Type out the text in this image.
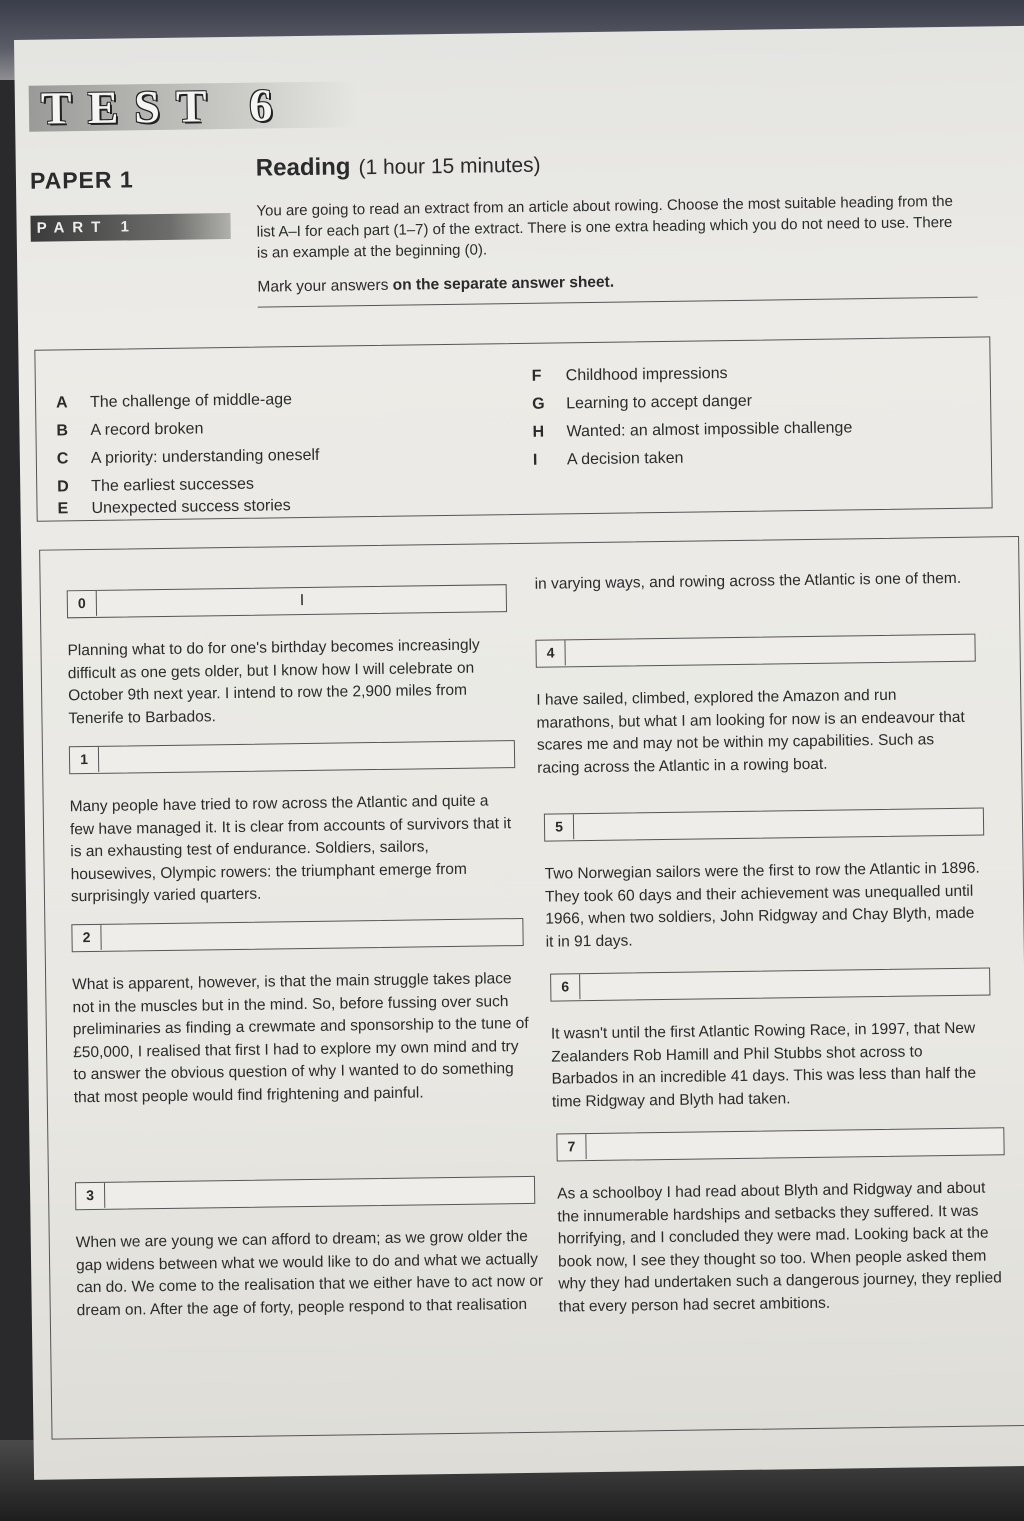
TEST 6
PAPER 1	Reading (1 hour 15 minutes)
PART 1
You are going to read an extract from an article about rowing. Choose the most suitable heading from the list A–I for each part (1–7) of the extract. There is one extra heading which you do not need to use. There is an example at the beginning (0).
Mark your answers on the separate answer sheet.
A The challenge of middle-age
B A record broken
C A priority: understanding oneself
D The earliest successes
E Unexpected success stories
F Childhood impressions
G Learning to accept danger
H Wanted: an almost impossible challenge
I A decision taken
0	I
Planning what to do for one's birthday becomes increasingly difficult as one gets older, but I know how I will celebrate on October 9th next year. I intend to row the 2,900 miles from Tenerife to Barbados.
1
Many people have tried to row across the Atlantic and quite a few have managed it. It is clear from accounts of survivors that it is an exhausting test of endurance. Soldiers, sailors, housewives, Olympic rowers: the triumphant emerge from surprisingly varied quarters.
2
What is apparent, however, is that the main struggle takes place not in the muscles but in the mind. So, before fussing over such preliminaries as finding a crewmate and sponsorship to the tune of £50,000, I realised that first I had to explore my own mind and try to answer the obvious question of why I wanted to do something that most people would find frightening and painful.
3
When we are young we can afford to dream; as we grow older the gap widens between what we would like to do and what we actually can do. We come to the realisation that we either have to act now or dream on. After the age of forty, people respond to that realisation
in varying ways, and rowing across the Atlantic is one of them.
4
I have sailed, climbed, explored the Amazon and run marathons, but what I am looking for now is an endeavour that scares me and may not be within my capabilities. Such as racing across the Atlantic in a rowing boat.
5
Two Norwegian sailors were the first to row the Atlantic in 1896. They took 60 days and their achievement was unequalled until 1966, when two soldiers, John Ridgway and Chay Blyth, made it in 91 days.
6
It wasn't until the first Atlantic Rowing Race, in 1997, that New Zealanders Rob Hamill and Phil Stubbs shot across to Barbados in an incredible 41 days. This was less than half the time Ridgway and Blyth had taken.
7
As a schoolboy I had read about Blyth and Ridgway and about the innumerable hardships and setbacks they suffered. It was horrifying, and I concluded they were mad. Looking back at the book now, I see they thought so too. When people asked them why they had undertaken such a dangerous journey, they replied that every person had secret ambitions.
